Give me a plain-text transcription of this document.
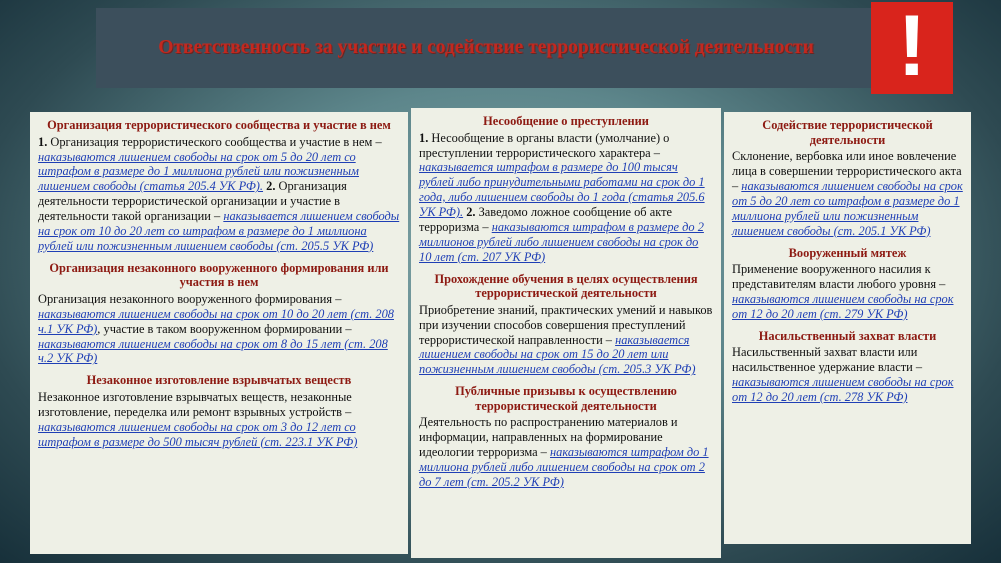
Ответственность за участие и содействие террористической деятельности !
Организация террористического сообщества и участие в нем
1. Организация террористического сообщества и участие в нем – наказываются лишением свободы на срок от 5 до 20 лет со штрафом в размере до 1 миллиона рублей или пожизненным лишением свободы (статья 205.4 УК РФ). 2. Организация деятельности террористической организации и участие в деятельности такой организации – наказывается лишением свободы на срок от 10 до 20 лет со штрафом в размере до 1 миллиона рублей или пожизненным лишением свободы (ст. 205.5 УК РФ)
Организация незаконного вооруженного формирования или участия в нем
Организация незаконного вооруженного формирования – наказываются лишением свободы на срок от 10 до 20 лет (ст. 208 ч.1 УК РФ), участие в таком вооруженном формировании – наказываются лишением свободы на срок от 8 до 15 лет (ст. 208 ч.2 УК РФ)
Незаконное изготовление взрывчатых веществ
Незаконное изготовление взрывчатых веществ, незаконные изготовление, переделка или ремонт взрывных устройств – наказываются лишением свободы на срок от 3 до 12 лет со штрафом в размере до 500 тысяч рублей (ст. 223.1 УК РФ)
Несообщение о преступлении
1. Несообщение в органы власти (умолчание) о преступлении террористического характера – наказывается штрафом в размере до 100 тысяч рублей либо принудительными работами на срок до 1 года, либо лишением свободы до 1 года (статья 205.6 УК РФ). 2. Заведомо ложное сообщение об акте терроризма – наказываются штрафом в размере до 2 миллионов рублей либо лишением свободы на срок до 10 лет (ст. 207 УК РФ)
Прохождение обучения в целях осуществления террористической деятельности
Приобретение знаний, практических умений и навыков при изучении способов совершения преступлений террористической направленности – наказывается лишением свободы на срок от 15 до 20 лет или пожизненным лишением свободы (ст. 205.3 УК РФ)
Публичные призывы к осуществлению террористической деятельности
Деятельность по распространению материалов и информации, направленных на формирование идеологии терроризма – наказываются штрафом до 1 миллиона рублей либо лишением свободы на срок от 2 до 7 лет (ст. 205.2 УК РФ)
Содействие террористической деятельности
Склонение, вербовка или иное вовлечение лица в совершении террористического акта – наказываются лишением свободы на срок от 5 до 20 лет со штрафом в размере до 1 миллиона рублей или пожизненным лишением свободы (ст. 205.1 УК РФ)
Вооруженный мятеж
Применение вооруженного насилия к представителям власти любого уровня – наказываются лишением свободы на срок от 12 до 20 лет (ст. 279 УК РФ)
Насильственный захват власти
Насильственный захват власти или насильственное удержание власти – наказываются лишением свободы на срок от 12 до 20 лет (ст. 278 УК РФ)
